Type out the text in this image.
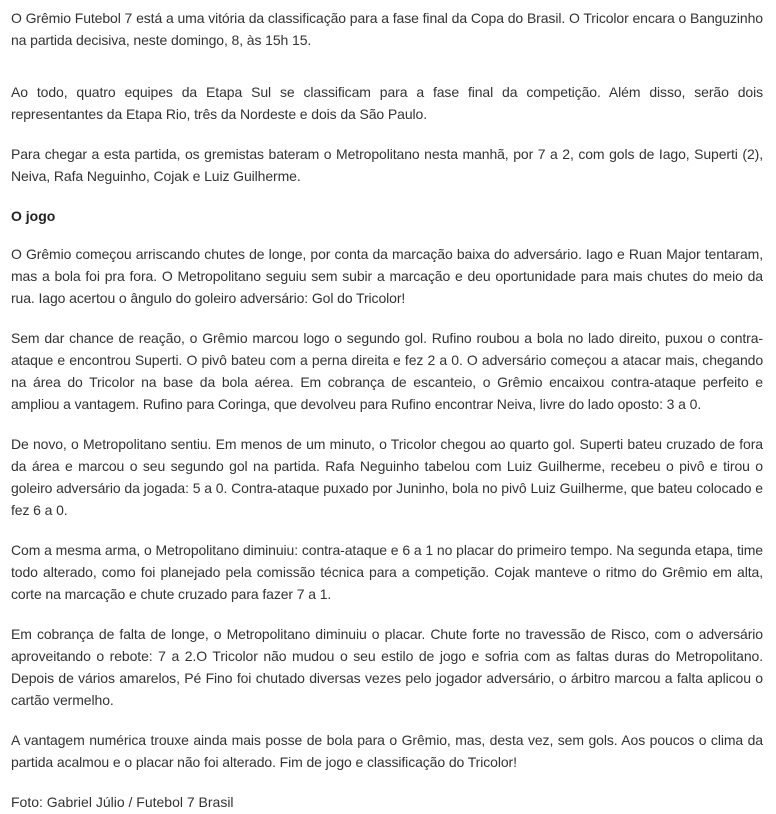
O Grêmio Futebol 7 está a uma vitória da classificação para a fase final da Copa do Brasil. O Tricolor encara o Banguzinho na partida decisiva, neste domingo, 8, às 15h 15.

Ao todo, quatro equipes da Etapa Sul se classificam para a fase final da competição. Além disso, serão dois representantes da Etapa Rio, três da Nordeste e dois da São Paulo.

Para chegar a esta partida, os gremistas bateram o Metropolitano nesta manhã, por 7 a 2, com gols de Iago, Superti (2), Neiva, Rafa Neguinho, Cojak e Luiz Guilherme.

O jogo

O Grêmio começou arriscando chutes de longe, por conta da marcação baixa do adversário. Iago e Ruan Major tentaram, mas a bola foi pra fora. O Metropolitano seguiu sem subir a marcação e deu oportunidade para mais chutes do meio da rua. Iago acertou o ângulo do goleiro adversário: Gol do Tricolor!

Sem dar chance de reação, o Grêmio marcou logo o segundo gol. Rufino roubou a bola no lado direito, puxou o contra-ataque e encontrou Superti. O pivô bateu com a perna direita e fez 2 a 0. O adversário começou a atacar mais, chegando na área do Tricolor na base da bola aérea. Em cobrança de escanteio, o Grêmio encaixou contra-ataque perfeito e ampliou a vantagem. Rufino para Coringa, que devolveu para Rufino encontrar Neiva, livre do lado oposto: 3 a 0.

De novo, o Metropolitano sentiu. Em menos de um minuto, o Tricolor chegou ao quarto gol. Superti bateu cruzado de fora da área e marcou o seu segundo gol na partida. Rafa Neguinho tabelou com Luiz Guilherme, recebeu o pivô e tirou o goleiro adversário da jogada: 5 a 0. Contra-ataque puxado por Juninho, bola no pivô Luiz Guilherme, que bateu colocado e fez 6 a 0.

Com a mesma arma, o Metropolitano diminuiu: contra-ataque e 6 a 1 no placar do primeiro tempo. Na segunda etapa, time todo alterado, como foi planejado pela comissão técnica para a competição. Cojak manteve o ritmo do Grêmio em alta, corte na marcação e chute cruzado para fazer 7 a 1.

Em cobrança de falta de longe, o Metropolitano diminuiu o placar. Chute forte no travessão de Risco, com o adversário aproveitando o rebote: 7 a 2.O Tricolor não mudou o seu estilo de jogo e sofria com as faltas duras do Metropolitano. Depois de vários amarelos, Pé Fino foi chutado diversas vezes pelo jogador adversário, o árbitro marcou a falta aplicou o cartão vermelho.

A vantagem numérica trouxe ainda mais posse de bola para o Grêmio, mas, desta vez, sem gols. Aos poucos o clima da partida acalmou e o placar não foi alterado. Fim de jogo e classificação do Tricolor!

Foto: Gabriel Júlio / Futebol 7 Brasil
